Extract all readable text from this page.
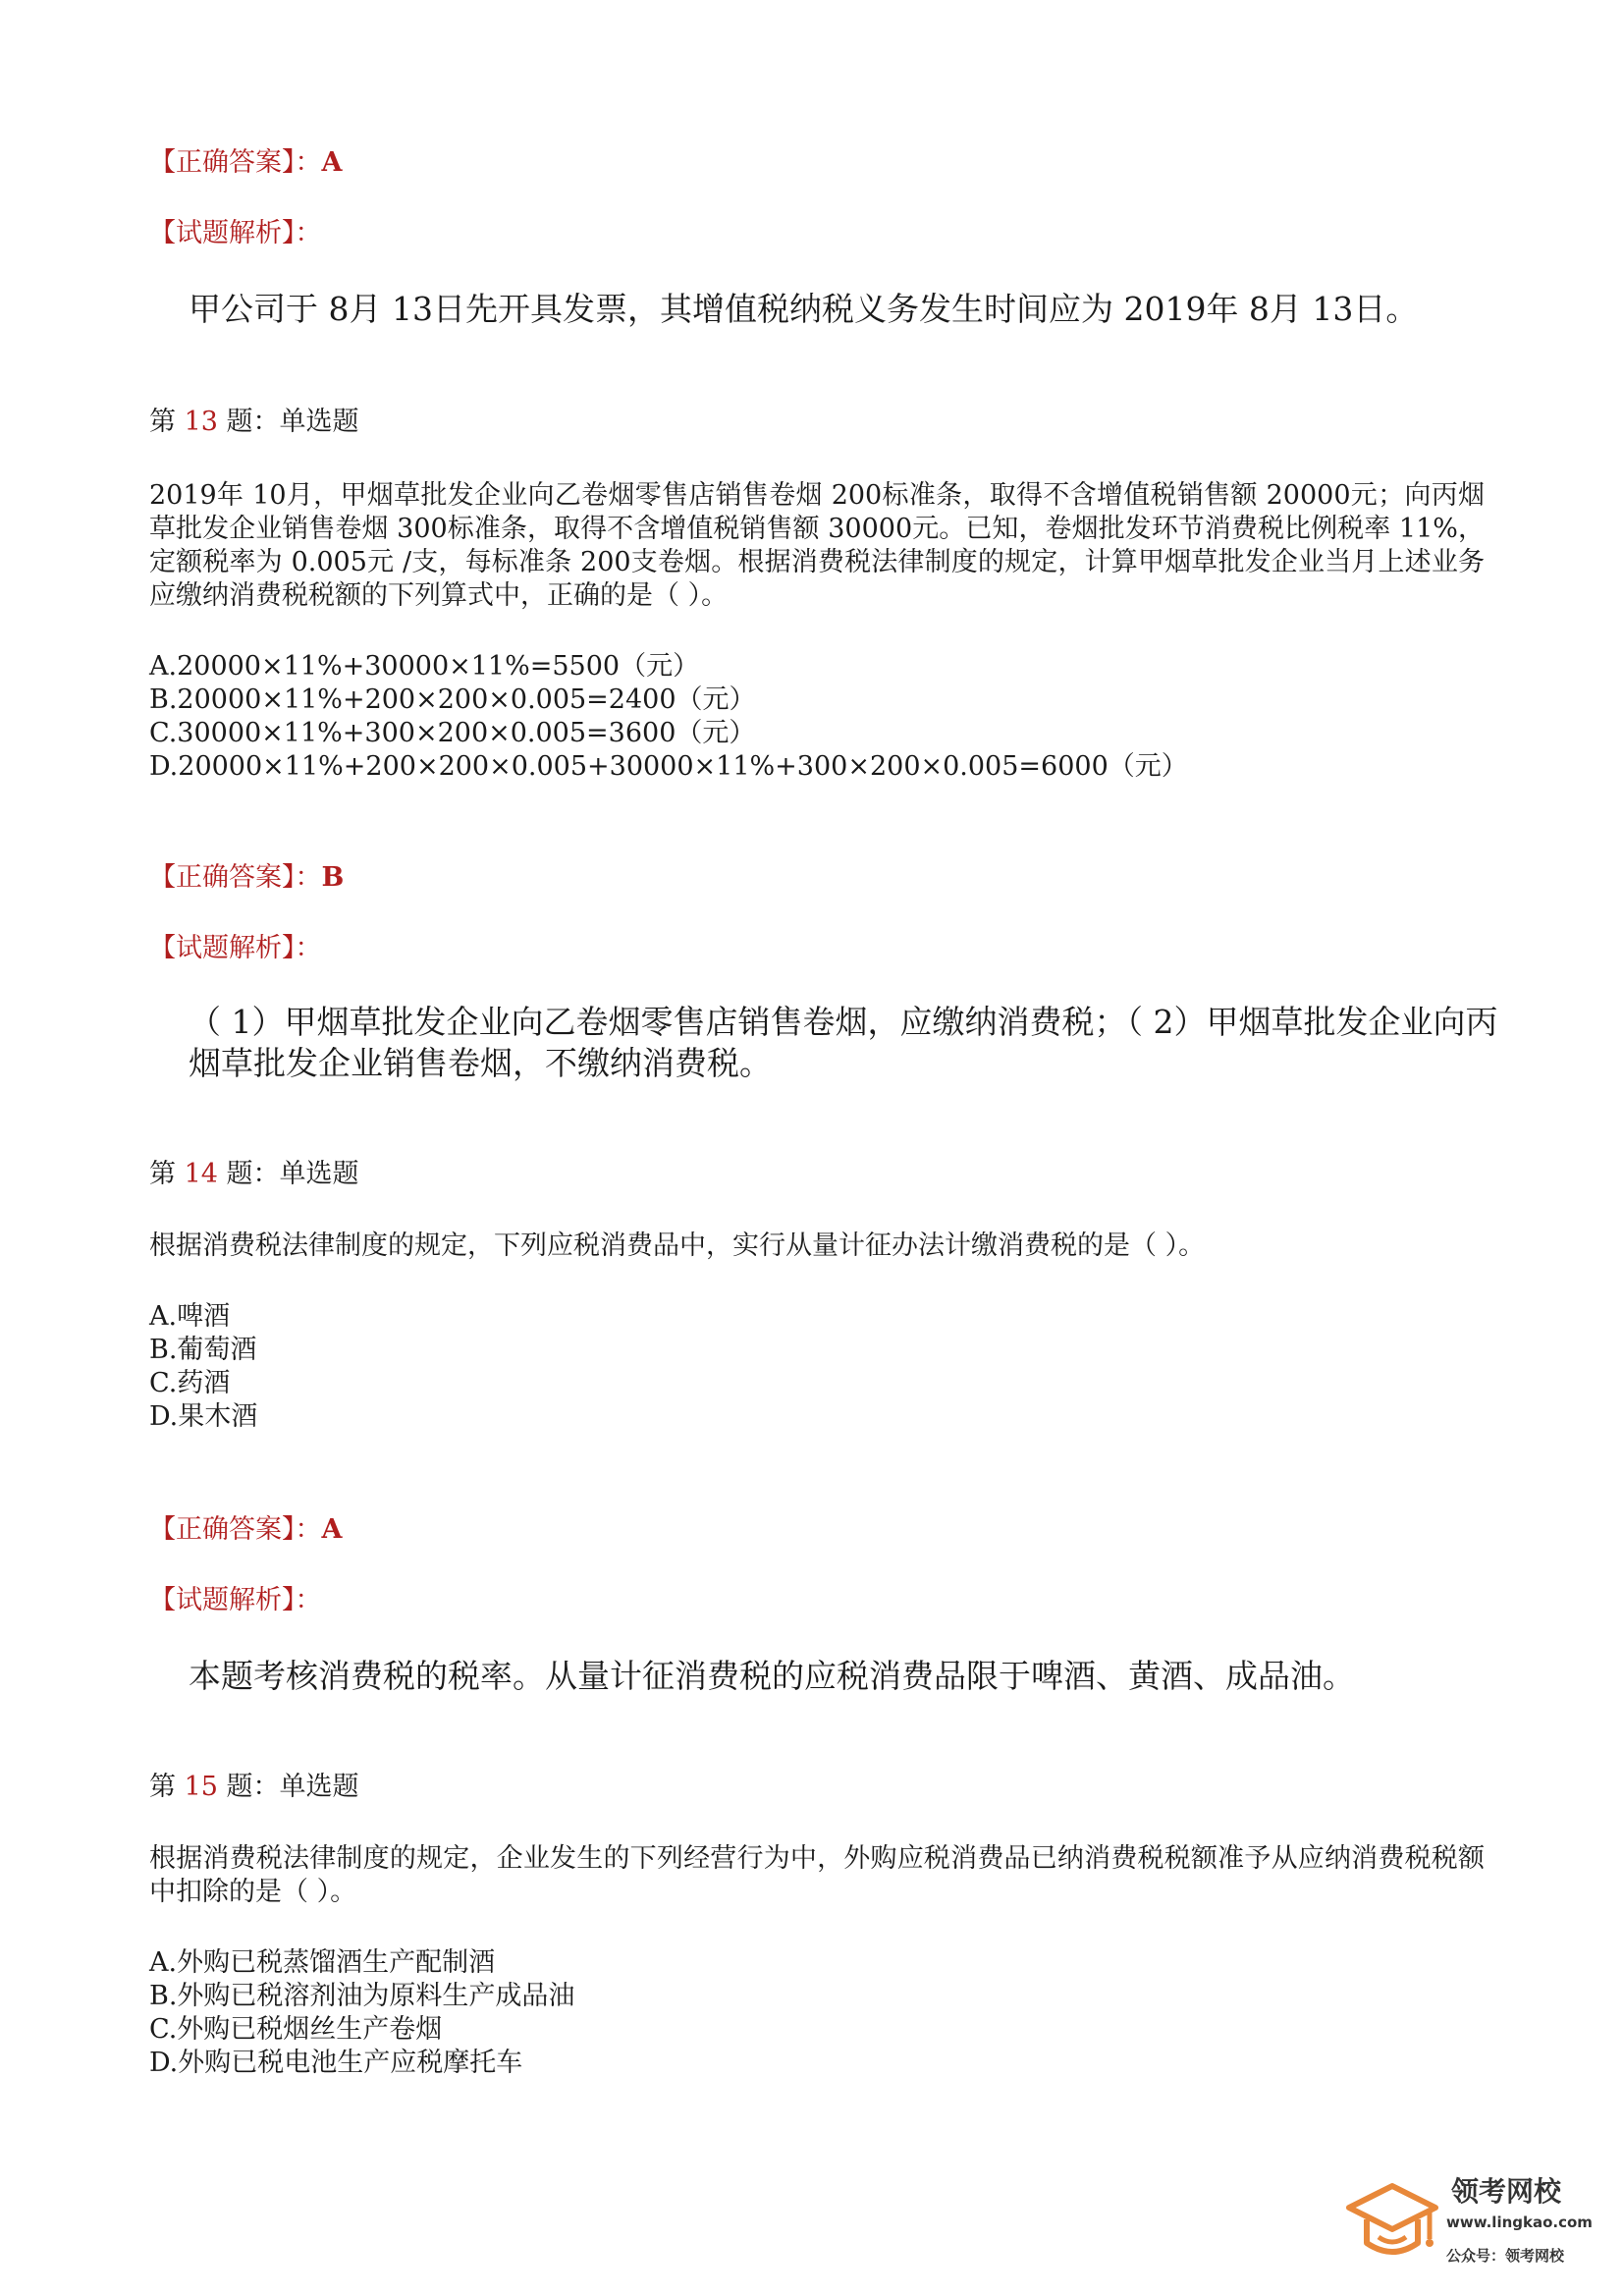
【正确答案】：A
【试题解析】：
甲公司于 8月 13日先开具发票，其增值税纳税义务发生时间应为 2019年 8月 13日。
第 13 题：单选题
2019年 10月，甲烟草批发企业向乙卷烟零售店销售卷烟 200标准条，取得不含增值税销售额 20000元；向丙烟草批发企业销售卷烟 300标准条，取得不含增值税销售额 30000元。已知，卷烟批发环节消费税比例税率 11%，定额税率为 0.005元 /支，每标准条 200支卷烟。根据消费税法律制度的规定，计算甲烟草批发企业当月上述业务应缴纳消费税税额的下列算式中，正确的是（ ）。
A.20000×11%+30000×11%=5500（元）
B.20000×11%+200×200×0.005=2400（元）
C.30000×11%+300×200×0.005=3600（元）
D.20000×11%+200×200×0.005+30000×11%+300×200×0.005=6000（元）
【正确答案】：B
【试题解析】：
（ 1）甲烟草批发企业向乙卷烟零售店销售卷烟，应缴纳消费税；（ 2）甲烟草批发企业向丙烟草批发企业销售卷烟，不缴纳消费税。
第 14 题：单选题
根据消费税法律制度的规定，下列应税消费品中，实行从量计征办法计缴消费税的是（ ）。
A.啤酒
B.葡萄酒
C.药酒
D.果木酒
【正确答案】：A
【试题解析】：
本题考核消费税的税率。从量计征消费税的应税消费品限于啤酒、黄酒、成品油。
第 15 题：单选题
根据消费税法律制度的规定，企业发生的下列经营行为中，外购应税消费品已纳消费税税额准予从应纳消费税税额中扣除的是（ ）。
A.外购已税蒸馏酒生产配制酒
B.外购已税溶剂油为原料生产成品油
C.外购已税烟丝生产卷烟
D.外购已税电池生产应税摩托车
领考网校
www.lingkao.com
公众号：领考网校
